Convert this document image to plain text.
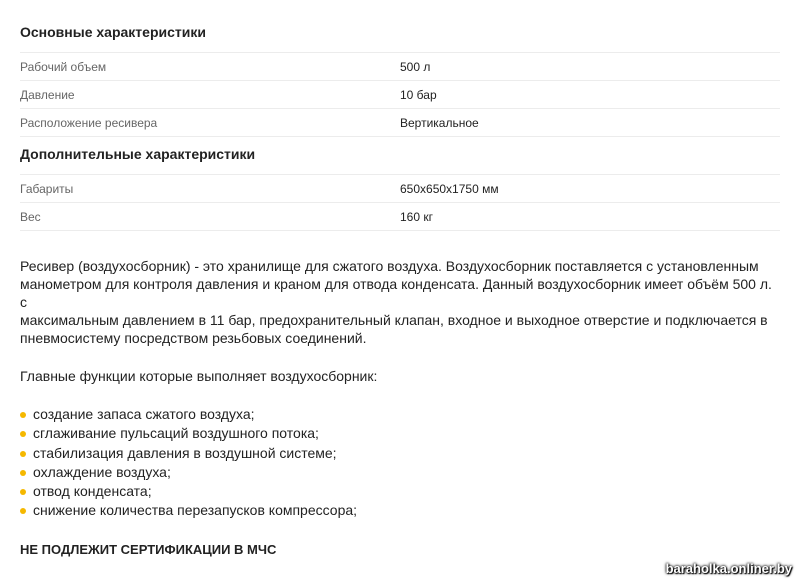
Основные характеристики
Рабочий объем	500 л
Давление	10 бар
Расположение ресивера	Вертикальное
Дополнительные характеристики
Габариты	650x650x1750 мм
Вес	160 кг
Ресивер (воздухосборник) - это хранилище для сжатого воздуха. Воздухосборник поставляется с установленным
манометром для контроля давления и краном для отвода конденсата. Данный воздухосборник имеет объём 500 л. с
максимальным давлением в 11 бар, предохранительный клапан, входное и выходное отверстие и подключается в
пневмосистему посредством резьбовых соединений.

Главные функции которые выполняет воздухосборник:

создание запаса сжатого воздуха;
сглаживание пульсаций воздушного потока;
стабилизация давления в воздушной системе;
охлаждение воздуха;
отвод конденсата;
снижение количества перезапусков компрессора;

НЕ ПОДЛЕЖИТ СЕРТИФИКАЦИИ В МЧС

baraholka.onliner.by
